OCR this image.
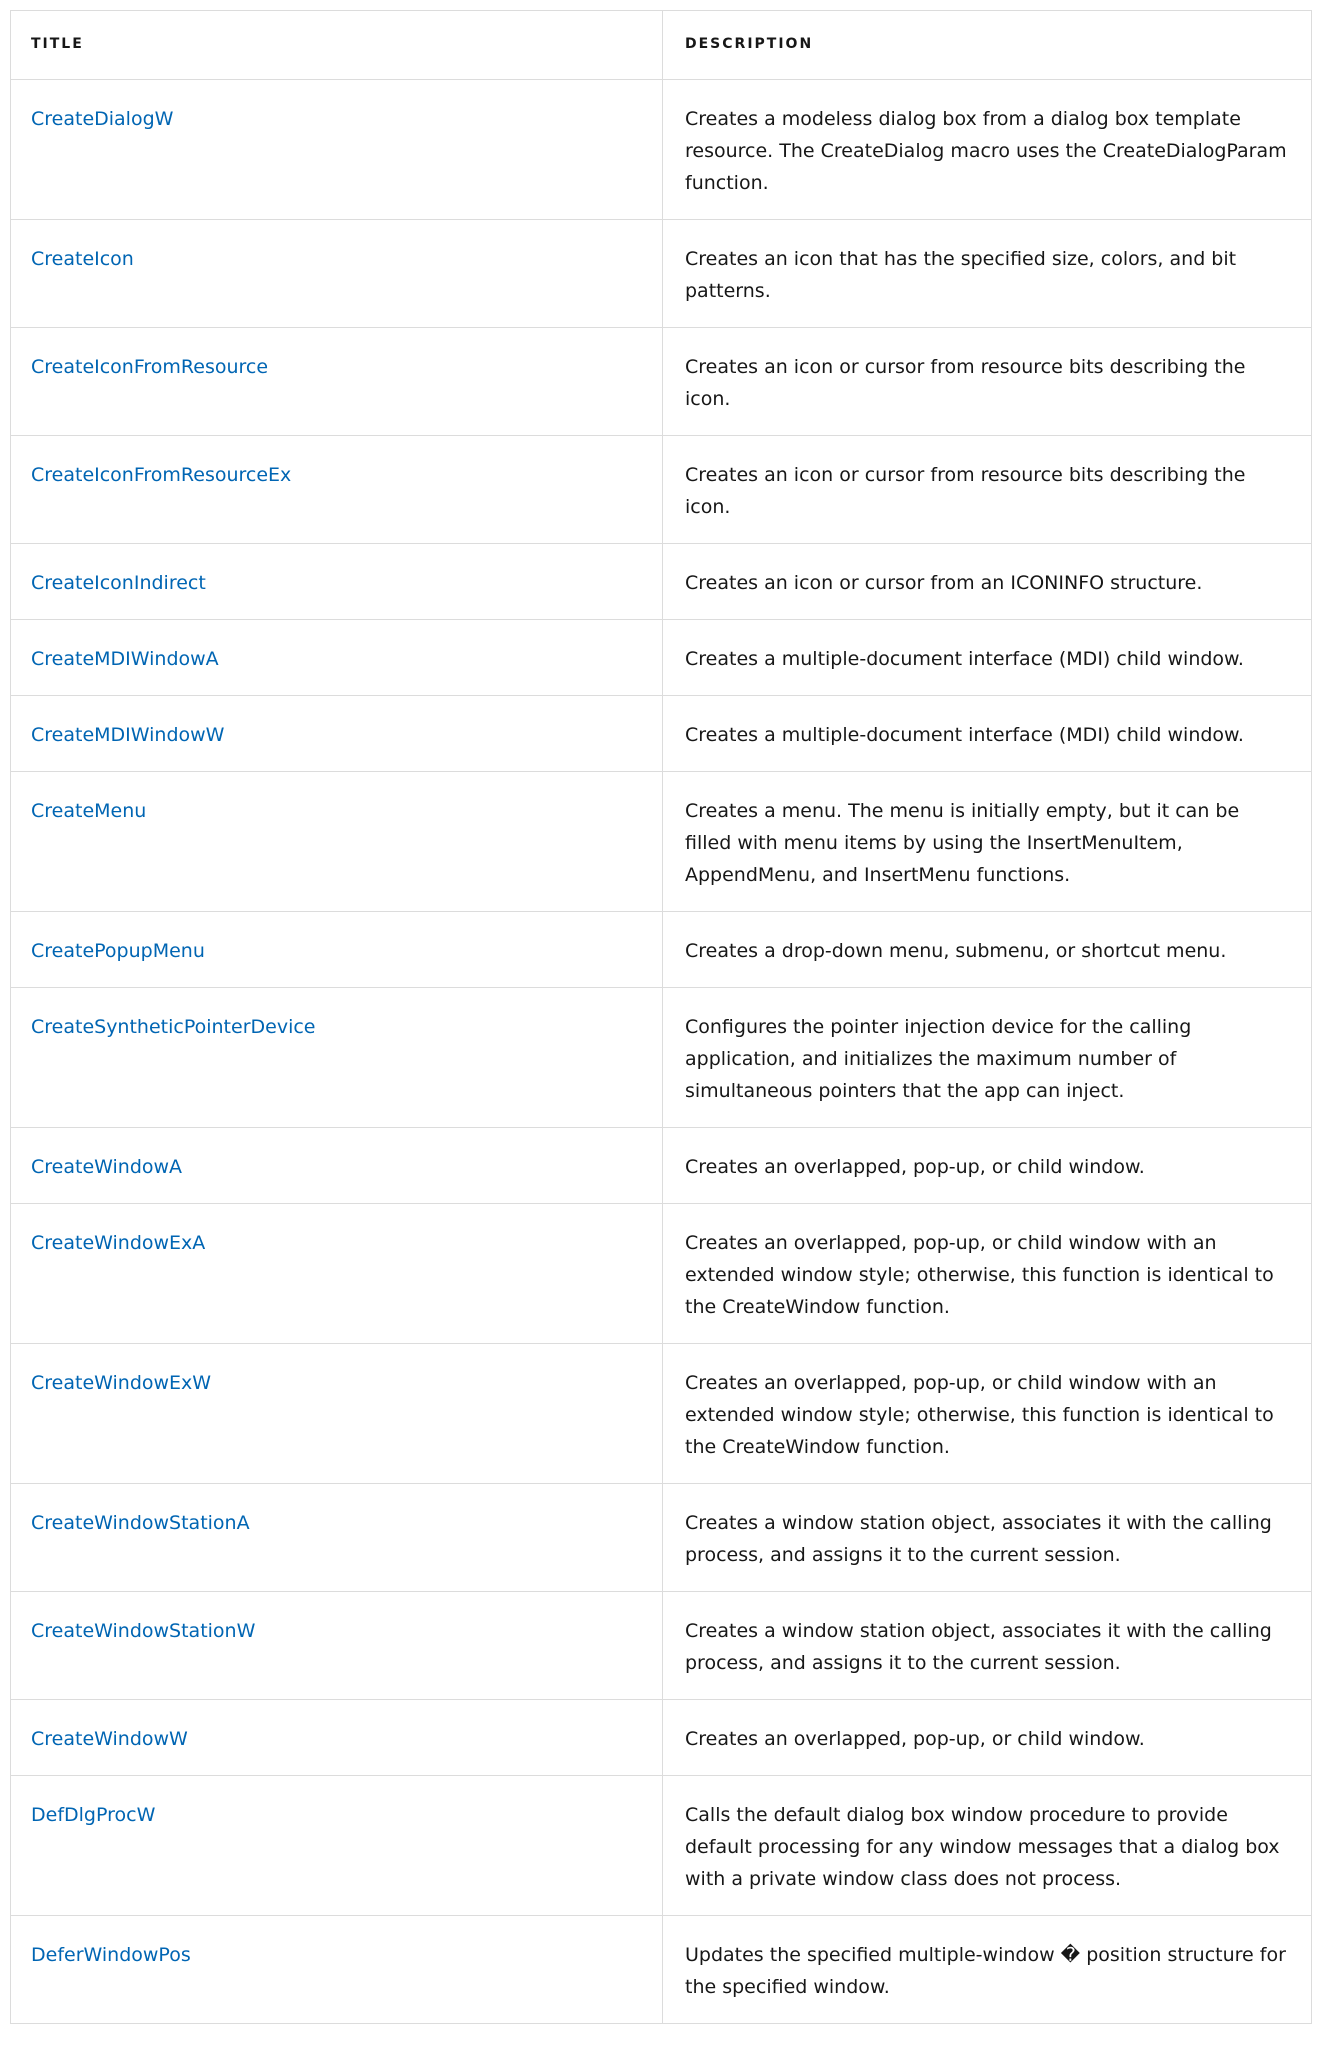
TITLE	DESCRIPTION
CreateDialogW	Creates a modeless dialog box from a dialog box template resource. The CreateDialog macro uses the CreateDialogParam function.
CreateIcon	Creates an icon that has the specified size, colors, and bit patterns.
CreateIconFromResource	Creates an icon or cursor from resource bits describing the icon.
CreateIconFromResourceEx	Creates an icon or cursor from resource bits describing the icon.
CreateIconIndirect	Creates an icon or cursor from an ICONINFO structure.
CreateMDIWindowA	Creates a multiple-document interface (MDI) child window.
CreateMDIWindowW	Creates a multiple-document interface (MDI) child window.
CreateMenu	Creates a menu. The menu is initially empty, but it can be filled with menu items by using the InsertMenuItem, AppendMenu, and InsertMenu functions.
CreatePopupMenu	Creates a drop-down menu, submenu, or shortcut menu.
CreateSyntheticPointerDevice	Configures the pointer injection device for the calling application, and initializes the maximum number of simultaneous pointers that the app can inject.
CreateWindowA	Creates an overlapped, pop-up, or child window.
CreateWindowExA	Creates an overlapped, pop-up, or child window with an extended window style; otherwise, this function is identical to the CreateWindow function.
CreateWindowExW	Creates an overlapped, pop-up, or child window with an extended window style; otherwise, this function is identical to the CreateWindow function.
CreateWindowStationA	Creates a window station object, associates it with the calling process, and assigns it to the current session.
CreateWindowStationW	Creates a window station object, associates it with the calling process, and assigns it to the current session.
CreateWindowW	Creates an overlapped, pop-up, or child window.
DefDlgProcW	Calls the default dialog box window procedure to provide default processing for any window messages that a dialog box with a private window class does not process.
DeferWindowPos	Updates the specified multiple-window � position structure for the specified window.
